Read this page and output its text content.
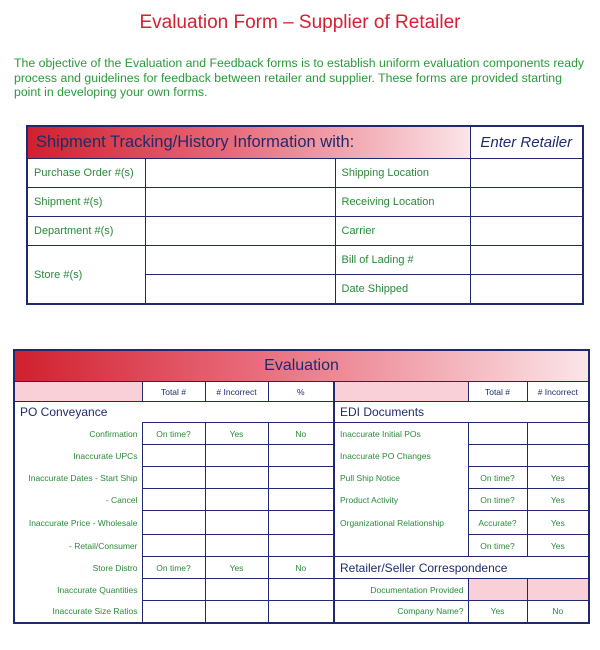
Evaluation Form – Supplier of Retailer
The objective of the Evaluation and Feedback forms is to establish uniform evaluation components ready process and guidelines for feedback between retailer and supplier. These forms are provided starting point in developing your own forms.
Shipment Tracking/History Information with:			Enter Retailer
Purchase Order #(s)		Shipping Location	
Shipment #(s)		Receiving Location	
Department #(s)		Carrier	
Store #(s)		Bill of Lading #	
		Date Shipped	
Evaluation						
	Total #	# Incorrect	%		Total #	# Incorrect
PO Conveyance				EDI Documents		
Confirmation	On time?	Yes	No	Inaccurate Initial POs		
Inaccurate UPCs				Inaccurate PO Changes		
Inaccurate Dates - Start Ship				Pull Ship Notice	On time?	Yes
- Cancel				Product Activity	On time?	Yes
Inaccurate Price - Wholesale				Organizational Relationship	Accurate?	Yes
- Retail/Consumer					On time?	Yes
Store Distro	On time?	Yes	No	Retailer/Seller Correspondence		
Inaccurate Quantities				Documentation Provided		
Inaccurate Size Ratios				Company Name?	Yes	No
